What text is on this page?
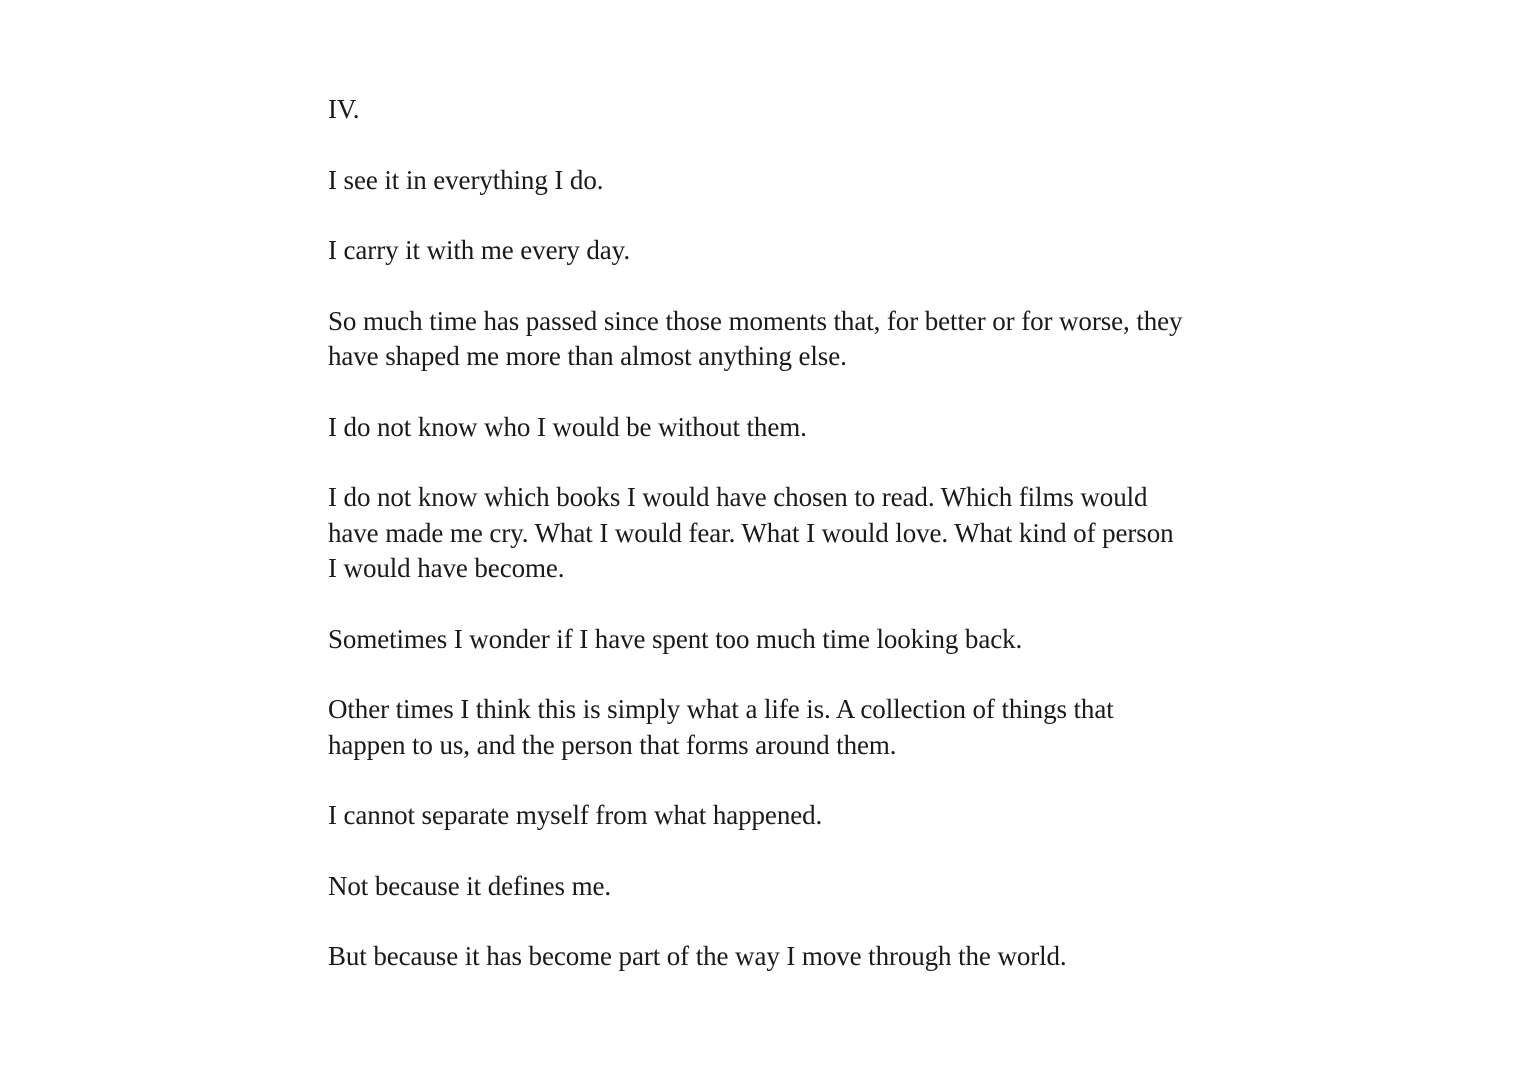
IV.

I see it in everything I do.

I carry it with me every day.

So much time has passed since those moments that, for better or for worse, they have shaped me more than almost anything else.

I do not know who I would be without them.

I do not know which books I would have chosen to read. Which films would have made me cry. What I would fear. What I would love. What kind of person I would have become.

Sometimes I wonder if I have spent too much time looking back.

Other times I think this is simply what a life is. A collection of things that happen to us, and the person that forms around them.

I cannot separate myself from what happened.

Not because it defines me.

But because it has become part of the way I move through the world.
